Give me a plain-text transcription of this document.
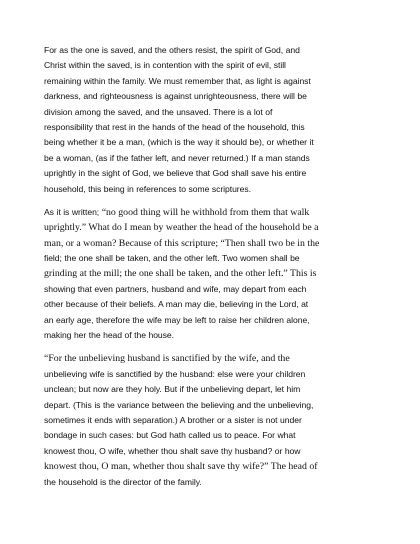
For as the one is saved, and the others resist, the spirit of God, and
Christ within the saved, is in contention with the spirit of evil, still
remaining within the family. We must remember that, as light is against
darkness, and righteousness is against unrighteousness, there will be
division among the saved, and the unsaved. There is a lot of
responsibility that rest in the hands of the head of the household, this
being whether it be a man, (which is the way it should be), or whether it
be a woman, (as if the father left, and never returned.) If a man stands
uprightly in the sight of God, we believe that God shall save his entire
household, this being in references to some scriptures.
As it is written; “no good thing will he withhold from them that walk
uprightly.” What do I mean by weather the head of the household be a
man, or a woman? Because of this scripture; “Then shall two be in the
field; the one shall be taken, and the other left. Two women shall be
grinding at the mill; the one shall be taken, and the other left.” This is
showing that even partners, husband and wife, may depart from each
other because of their beliefs. A man may die, believing in the Lord, at
an early age, therefore the wife may be left to raise her children alone,
making her the head of the house.
“For the unbelieving husband is sanctified by the wife, and the
unbelieving wife is sanctified by the husband: else were your children
unclean; but now are they holy. But if the unbelieving depart, let him
depart. (This is the variance between the believing and the unbelieving,
sometimes it ends with separation.) A brother or a sister is not under
bondage in such cases: but God hath called us to peace. For what
knowest thou, O wife, whether thou shalt save thy husband? or how
knowest thou, O man, whether thou shalt save thy wife?” The head of
the household is the director of the family.
